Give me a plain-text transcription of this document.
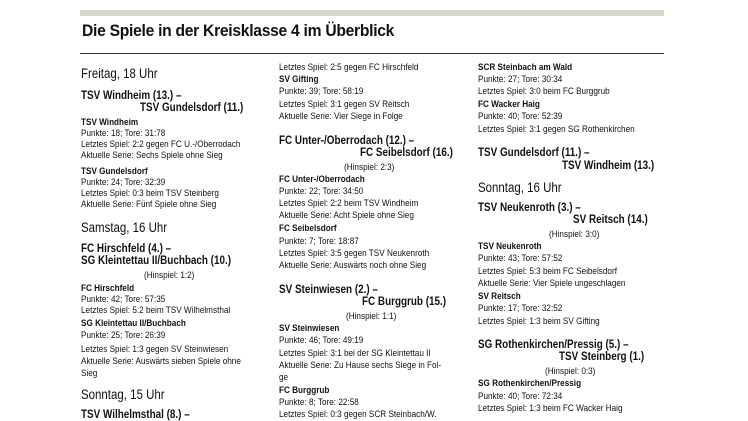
Die Spiele in der Kreisklasse 4 im Überblick
Freitag, 18 Uhr
TSV Windheim (13.) –
TSV Gundelsdorf (11.)
TSV Windheim
Punkte: 18; Tore: 31:78
Letztes Spiel: 2:2 gegen FC U.-/Oberrodach
Aktuelle Serie: Sechs Spiele ohne Sieg
TSV Gundelsdorf
Punkte: 24; Tore: 32:39
Letztes Spiel: 0:3 beim TSV Steinberg
Aktuelle Serie: Fünf Spiele ohne Sieg
Samstag, 16 Uhr
FC Hirschfeld (4.) –
SG Kleintettau II/Buchbach (10.)
(Hinspiel: 1:2)
FC Hirschfeld
Punkte: 42; Tore: 57:35
Letztes Spiel: 5:2 beim TSV Wilhelmsthal
SG Kleintettau II/Buchbach
Punkte: 25; Tore: 26:39
Letztes Spiel: 1:3 gegen SV Steinwiesen
Aktuelle Serie: Auswärts sieben Spiele ohne
Sieg
Sonntag, 15 Uhr
TSV Wilhelmsthal (8.) –
Letztes Spiel: 2:5 gegen FC Hirschfeld
SV Gifting
Punkte: 39; Tore: 58:19
Letztes Spiel: 3:1 gegen SV Reitsch
Aktuelle Serie: Vier Siege in Folge
FC Unter-/Oberrodach (12.) –
FC Seibelsdorf (16.)
(Hinspiel: 2:3)
FC Unter-/Oberrodach
Punkte: 22; Tore: 34:50
Letztes Spiel: 2:2 beim TSV Windheim
Aktuelle Serie: Acht Spiele ohne Sieg
FC Seibelsdorf
Punkte: 7; Tore: 18:87
Letztes Spiel: 3:5 gegen TSV Neukenroth
Aktuelle Serie: Auswärts noch ohne Sieg
SV Steinwiesen (2.) –
FC Burggrub (15.)
(Hinspiel: 1:1)
SV Steinwiesen
Punkte: 46; Tore: 49:19
Letztes Spiel: 3:1 bei der SG Kleintettau II
Aktuelle Serie: Zu Hause sechs Siege in Fol-
ge
FC Burggrub
Punkte: 8; Tore: 22:58
Letztes Spiel: 0:3 gegen SCR Steinbach/W.
SCR Steinbach am Wald
Punkte: 27; Tore: 30:34
Letztes Spiel: 3:0 beim FC Burggrub
FC Wacker Haig
Punkte: 40; Tore: 52:39
Letztes Spiel: 3:1 gegen SG Rothenkirchen
TSV Gundelsdorf (11.) –
TSV Windheim (13.)
Sonntag, 16 Uhr
TSV Neukenroth (3.) –
SV Reitsch (14.)
(Hinspiel: 3:0)
TSV Neukenroth
Punkte: 43; Tore: 57:52
Letztes Spiel: 5:3 beim FC Seibelsdorf
Aktuelle Serie: Vier Spiele ungeschlagen
SV Reitsch
Punkte: 17; Tore: 32:52
Letztes Spiel: 1:3 beim SV Gifting
SG Rothenkirchen/Pressig (5.) –
TSV Steinberg (1.)
(Hinspiel: 0:3)
SG Rothenkirchen/Pressig
Punkte: 40; Tore: 72:34
Letztes Spiel: 1:3 beim FC Wacker Haig
